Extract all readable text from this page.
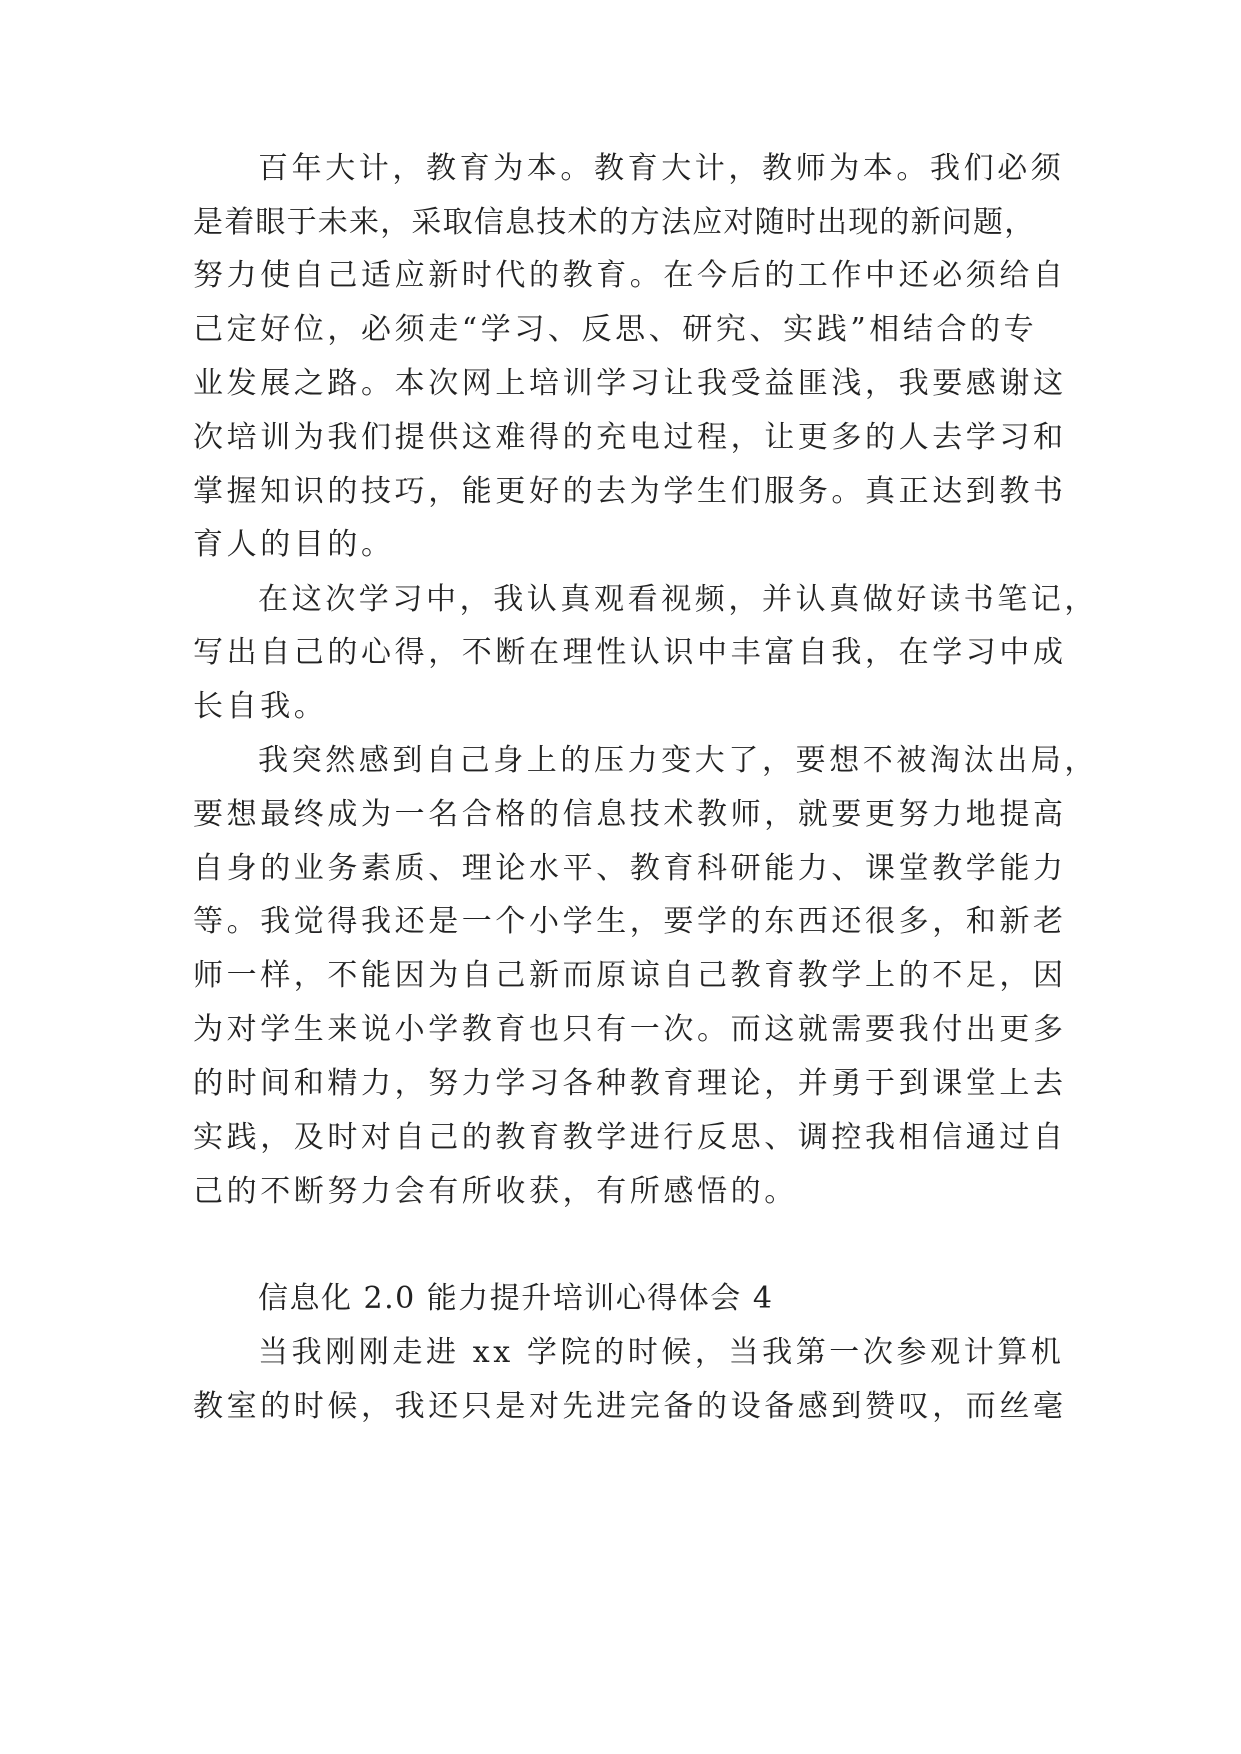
百年大计，教育为本。教育大计，教师为本。我们必须
是着眼于未来，采取信息技术的方法应对随时出现的新问题，
努力使自己适应新时代的教育。在今后的工作中还必须给自
己定好位，必须走“学习、反思、研究、实践”相结合的专
业发展之路。本次网上培训学习让我受益匪浅，我要感谢这
次培训为我们提供这难得的充电过程，让更多的人去学习和
掌握知识的技巧，能更好的去为学生们服务。真正达到教书
育人的目的。
在这次学习中，我认真观看视频，并认真做好读书笔记，
写出自己的心得，不断在理性认识中丰富自我，在学习中成
长自我。
我突然感到自己身上的压力变大了，要想不被淘汰出局，
要想最终成为一名合格的信息技术教师，就要更努力地提高
自身的业务素质、理论水平、教育科研能力、课堂教学能力
等。我觉得我还是一个小学生，要学的东西还很多，和新老
师一样，不能因为自己新而原谅自己教育教学上的不足，因
为对学生来说小学教育也只有一次。而这就需要我付出更多
的时间和精力，努力学习各种教育理论，并勇于到课堂上去
实践，及时对自己的教育教学进行反思、调控我相信通过自
己的不断努力会有所收获，有所感悟的。
信息化 2.0 能力提升培训心得体会 4
当我刚刚走进 xx 学院的时候，当我第一次参观计算机
教室的时候，我还只是对先进完备的设备感到赞叹，而丝毫
